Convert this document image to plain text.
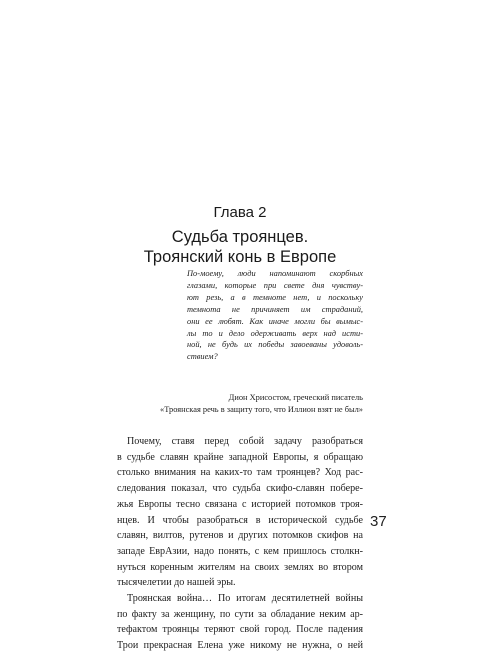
Глава 2
Судьба троянцев.
Троянский конь в Европе
По-моему, люди напоминают скорбных
глазами, которые при свете дня чувству-
ют резь, а в темноте нет, и поскольку
темнота не причиняет им страданий,
они ее любят. Как иначе могли бы вымыс-
лы то и дело одерживать верх над исти-
ной, не будь их победы завоеваны удоволь-
ствием?
Дион Хрисостом, греческий писатель
«Троянская речь в защиту того, что Иллион взят не был»
Почему, ставя перед собой задачу разобраться
в судьбе славян крайне западной Европы, я обращаю
столько внимания на каких-то там троянцев? Ход рас-
следования показал, что судьба скифо-славян побере-
жья Европы тесно связана с историей потомков троя-
нцев. И чтобы разобраться в исторической судьбе
славян, вилтов, рутенов и других потомков скифов на
западе ЕврАзии, надо понять, с кем пришлось столкн-
нуться коренным жителям на своих землях во втором
тысячелетии до нашей эры.
Троянская война… По итогам десятилетней войны
по факту за женщину, по сути за обладание неким ар-
тефактом троянцы теряют свой город. После падения
Трои прекрасная Елена уже никому не нужна, о ней
37
